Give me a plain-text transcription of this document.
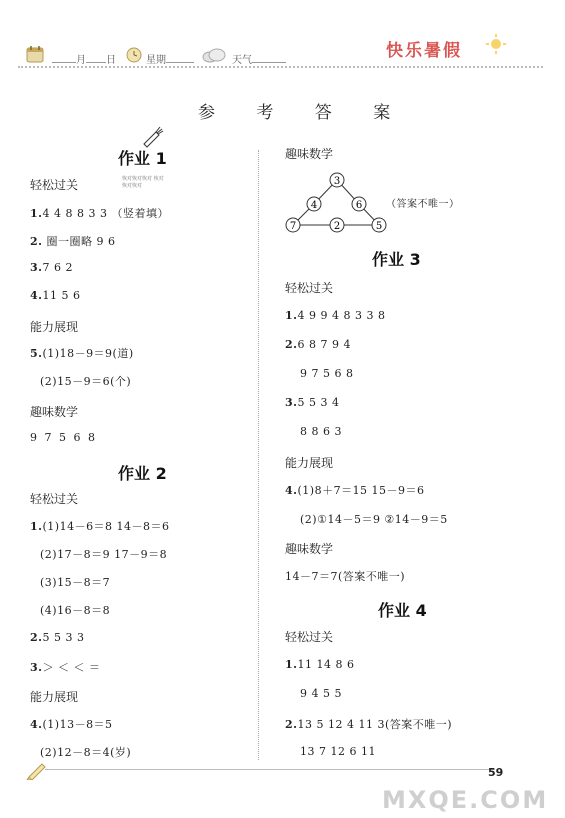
月 日	星期	天气	快乐暑假
参 考 答 案
作业 1
恢对恢对恢对 恢对恢对恢对
轻松过关
1.4 4 8 8 3 3 （竖着填）
2. 圈一圈略 9 6
3.7 6 2
4.11 5 6
能力展现
5.(1)18－9＝9(道)
(2)15－9＝6(个)
趣味数学
9 7 5 6 8
作业 2
轻松过关
1.(1)14－6＝8 14－8＝6
(2)17－8＝9 17－9＝8
(3)15－8＝7
(4)16－8＝8
2.5 5 3 3
3.＞ ＜ ＜ ＝
能力展现
4.(1)13－8＝5
(2)12－8＝4(岁)
趣味数学
3
4	6
7	2	5
（答案不唯一）
作业 3
轻松过关
1.4 9 9 4 8 3 3 8
2.6 8 7 9 4
9 7 5 6 8
3.5 5 3 4
8 8 6 3
能力展现
4.(1)8＋7＝15 15－9＝6
(2)①14－5＝9 ②14－9＝5
趣味数学
14－7＝7(答案不唯一)
作业 4
轻松过关
1.11 14 8 6
9 4 5 5
2.13 5 12 4 11 3(答案不唯一)
13 7 12 6 11
59
MXQE.COM
